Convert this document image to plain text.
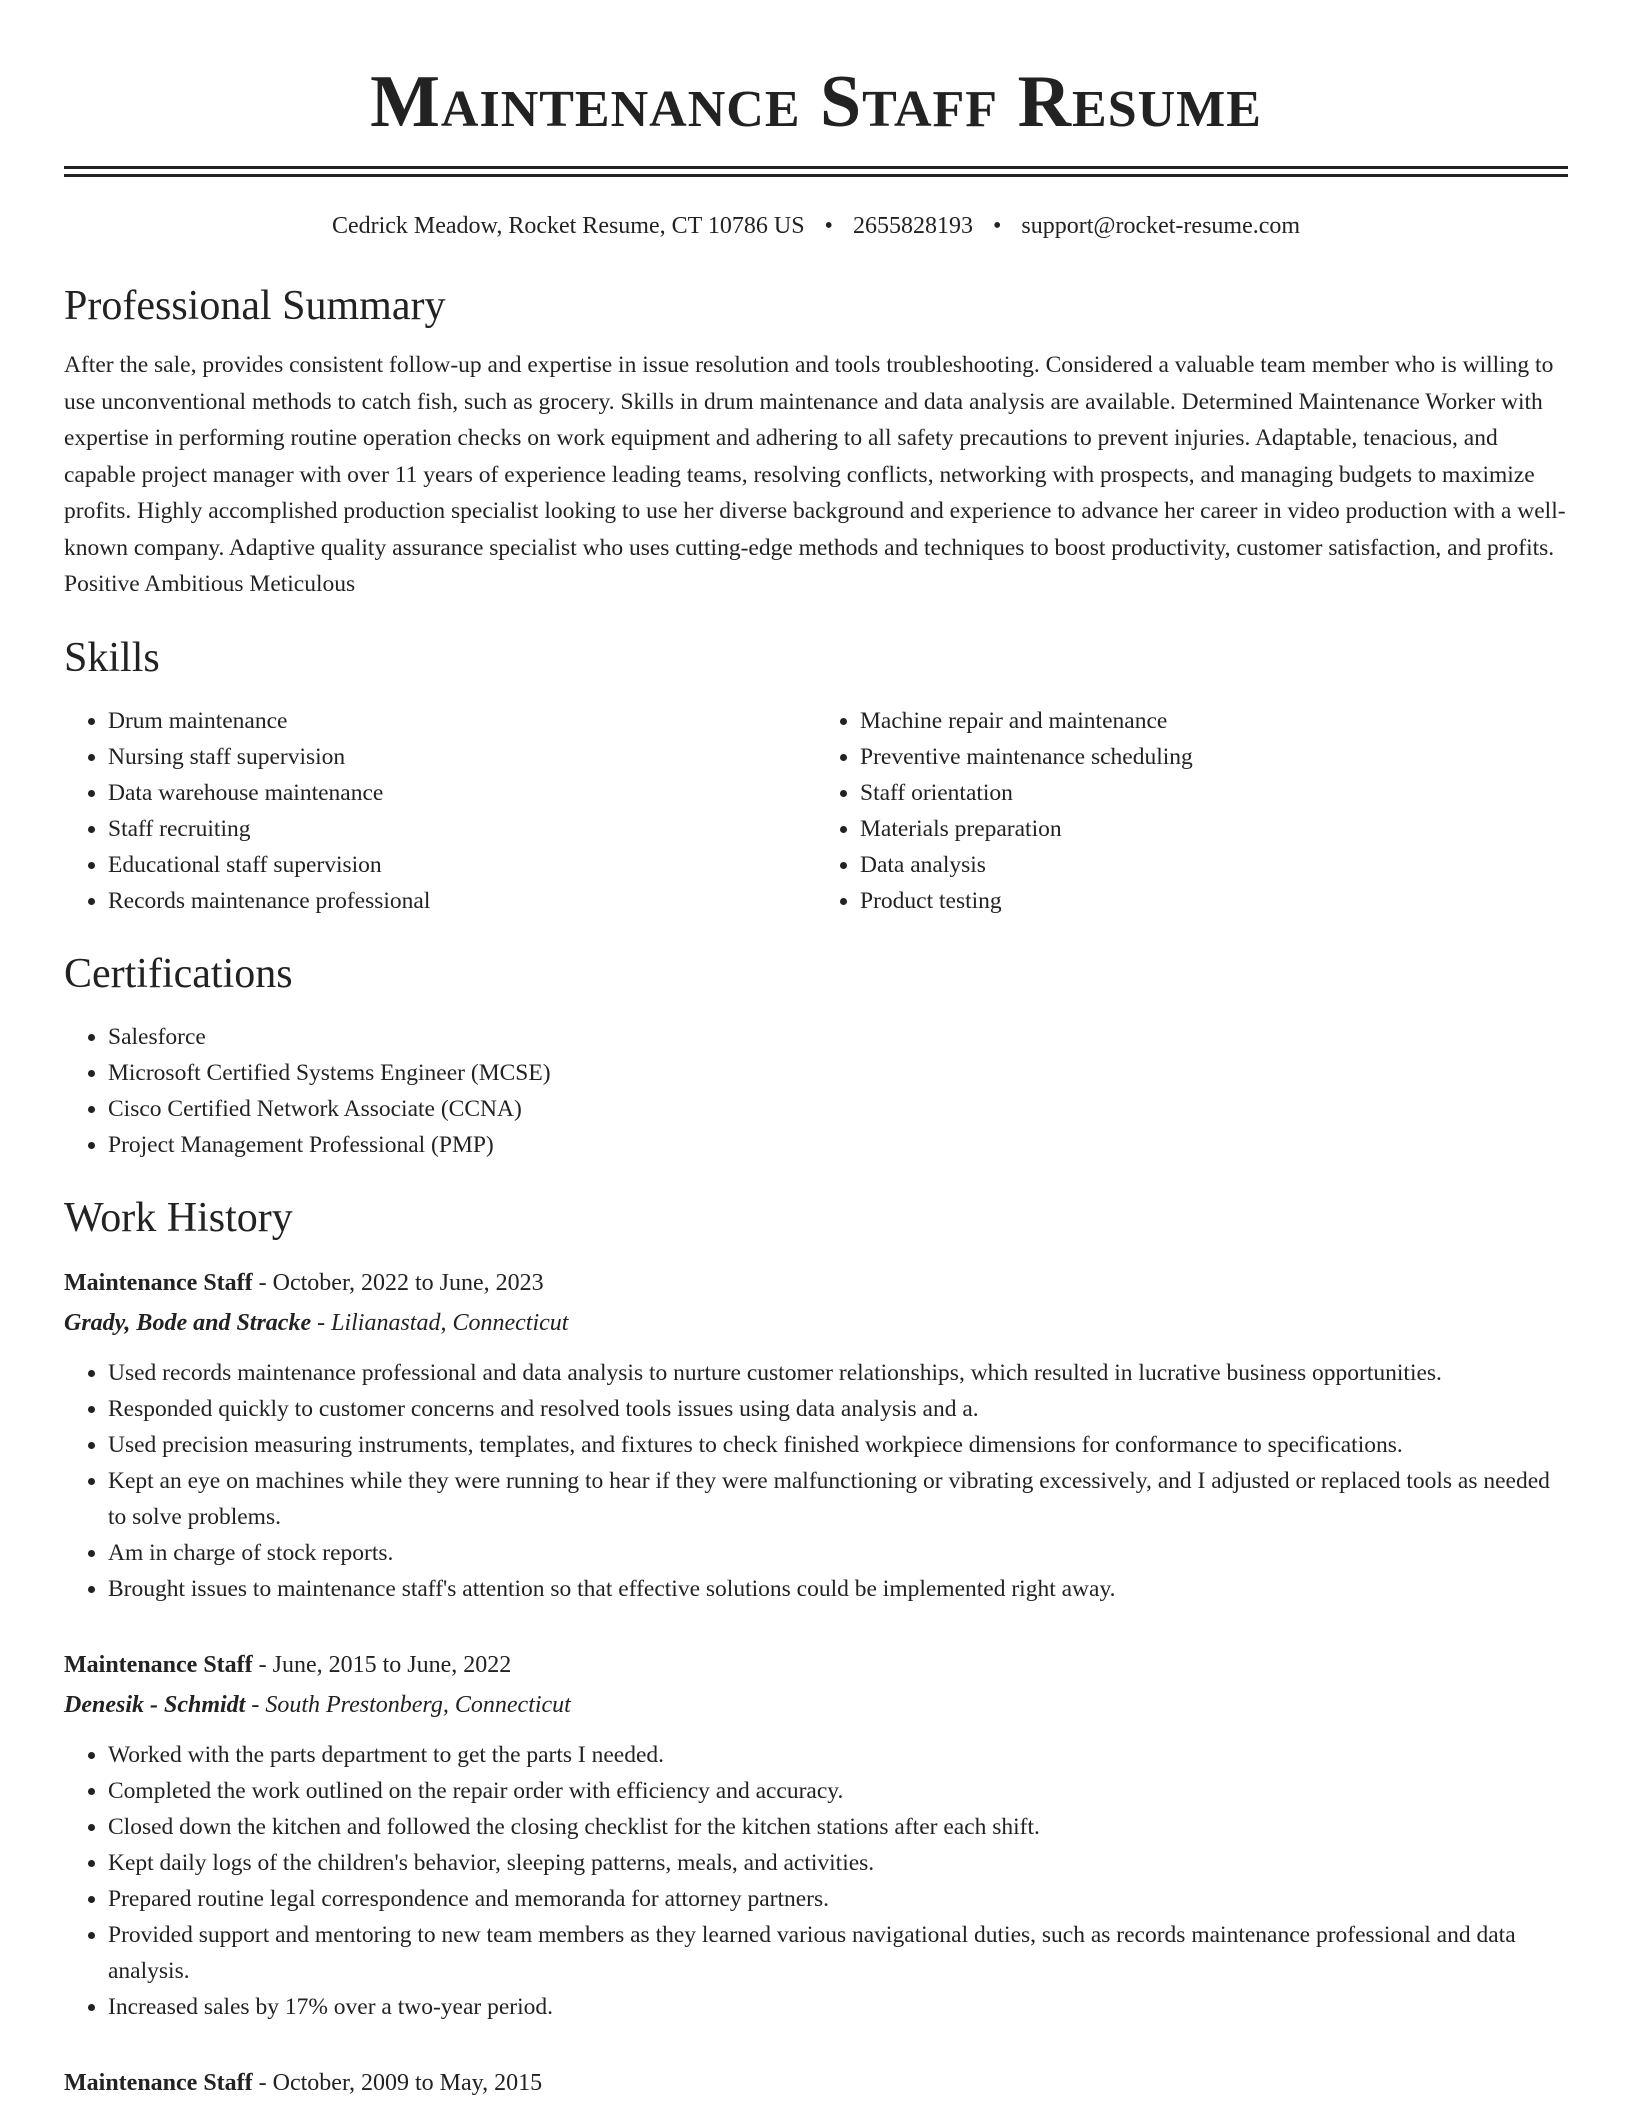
Maintenance Staff Resume
Cedrick Meadow, Rocket Resume, CT 10786 US • 2655828193 • support@rocket-resume.com
Professional Summary
After the sale, provides consistent follow-up and expertise in issue resolution and tools troubleshooting. Considered a valuable team member who is willing to use unconventional methods to catch fish, such as grocery. Skills in drum maintenance and data analysis are available. Determined Maintenance Worker with expertise in performing routine operation checks on work equipment and adhering to all safety precautions to prevent injuries. Adaptable, tenacious, and capable project manager with over 11 years of experience leading teams, resolving conflicts, networking with prospects, and managing budgets to maximize profits. Highly accomplished production specialist looking to use her diverse background and experience to advance her career in video production with a well-known company. Adaptive quality assurance specialist who uses cutting-edge methods and techniques to boost productivity, customer satisfaction, and profits. Positive Ambitious Meticulous
Skills
• Drum maintenance
• Nursing staff supervision
• Data warehouse maintenance
• Staff recruiting
• Educational staff supervision
• Records maintenance professional
• Machine repair and maintenance
• Preventive maintenance scheduling
• Staff orientation
• Materials preparation
• Data analysis
• Product testing
Certifications
• Salesforce
• Microsoft Certified Systems Engineer (MCSE)
• Cisco Certified Network Associate (CCNA)
• Project Management Professional (PMP)
Work History
Maintenance Staff - October, 2022 to June, 2023
Grady, Bode and Stracke - Lilianastad, Connecticut
• Used records maintenance professional and data analysis to nurture customer relationships, which resulted in lucrative business opportunities.
• Responded quickly to customer concerns and resolved tools issues using data analysis and a.
• Used precision measuring instruments, templates, and fixtures to check finished workpiece dimensions for conformance to specifications.
• Kept an eye on machines while they were running to hear if they were malfunctioning or vibrating excessively, and I adjusted or replaced tools as needed to solve problems.
• Am in charge of stock reports.
• Brought issues to maintenance staff's attention so that effective solutions could be implemented right away.
Maintenance Staff - June, 2015 to June, 2022
Denesik - Schmidt - South Prestonberg, Connecticut
• Worked with the parts department to get the parts I needed.
• Completed the work outlined on the repair order with efficiency and accuracy.
• Closed down the kitchen and followed the closing checklist for the kitchen stations after each shift.
• Kept daily logs of the children's behavior, sleeping patterns, meals, and activities.
• Prepared routine legal correspondence and memoranda for attorney partners.
• Provided support and mentoring to new team members as they learned various navigational duties, such as records maintenance professional and data analysis.
• Increased sales by 17% over a two-year period.
Maintenance Staff - October, 2009 to May, 2015
